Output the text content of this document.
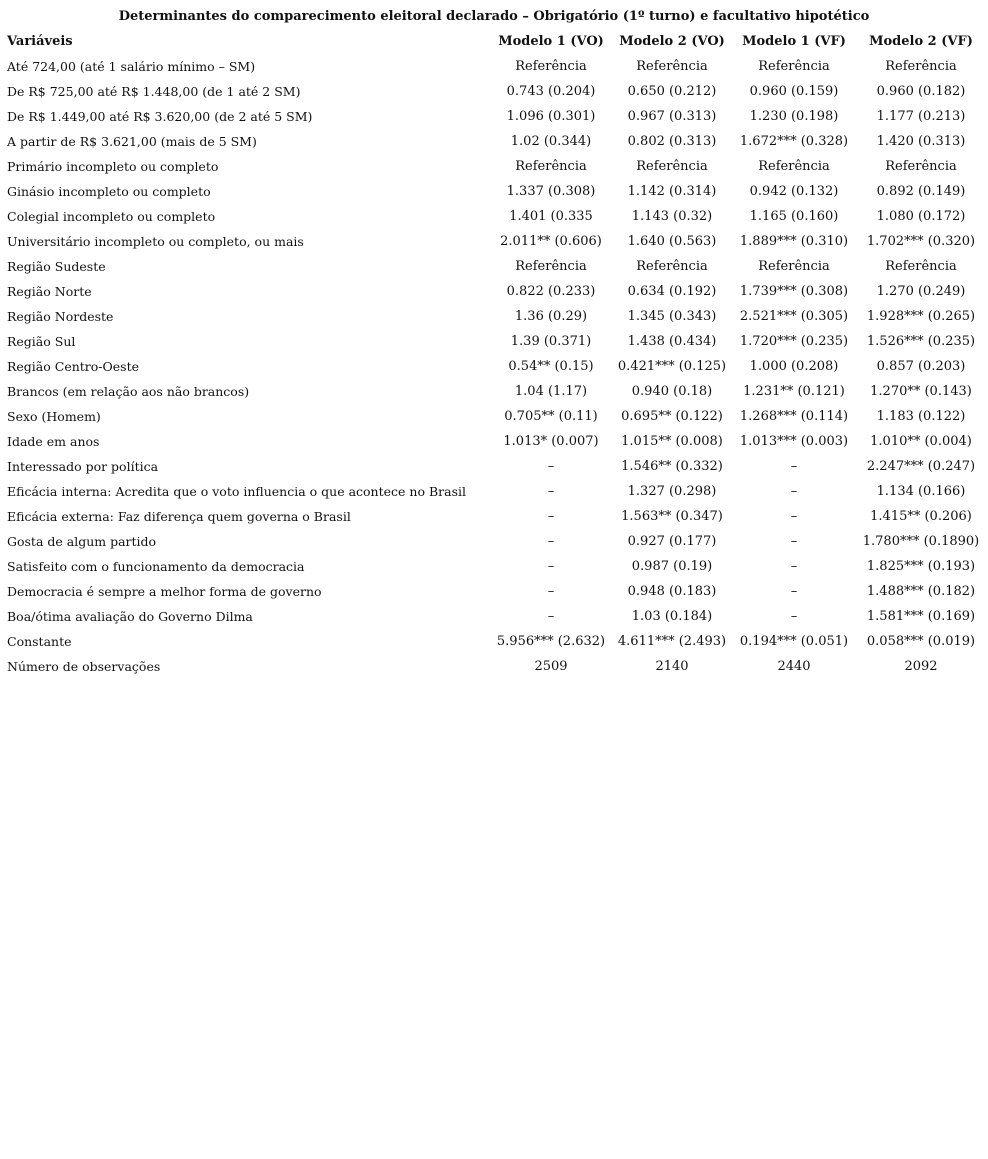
Determinantes do comparecimento eleitoral declarado – Obrigatório (1º turno) e facultativo hipotético
Variáveis	Modelo 1 (VO)	Modelo 2 (VO)	Modelo 1 (VF)	Modelo 2 (VF)
Até 724,00 (até 1 salário mínimo – SM)	Referência	Referência	Referência	Referência
De R$ 725,00 até R$ 1.448,00 (de 1 até 2 SM)	0.743 (0.204)	0.650 (0.212)	0.960 (0.159)	0.960 (0.182)
De R$ 1.449,00 até R$ 3.620,00 (de 2 até 5 SM)	1.096 (0.301)	0.967 (0.313)	1.230 (0.198)	1.177 (0.213)
A partir de R$ 3.621,00 (mais de 5 SM)	1.02 (0.344)	0.802 (0.313)	1.672*** (0.328)	1.420 (0.313)
Primário incompleto ou completo	Referência	Referência	Referência	Referência
Ginásio incompleto ou completo	1.337 (0.308)	1.142 (0.314)	0.942 (0.132)	0.892 (0.149)
Colegial incompleto ou completo	1.401 (0.335	1.143 (0.32)	1.165 (0.160)	1.080 (0.172)
Universitário incompleto ou completo, ou mais	2.011** (0.606)	1.640 (0.563)	1.889*** (0.310)	1.702*** (0.320)
Região Sudeste	Referência	Referência	Referência	Referência
Região Norte	0.822 (0.233)	0.634 (0.192)	1.739*** (0.308)	1.270 (0.249)
Região Nordeste	1.36 (0.29)	1.345 (0.343)	2.521*** (0.305)	1.928*** (0.265)
Região Sul	1.39 (0.371)	1.438 (0.434)	1.720*** (0.235)	1.526*** (0.235)
Região Centro-Oeste	0.54** (0.15)	0.421*** (0.125)	1.000 (0.208)	0.857 (0.203)
Brancos (em relação aos não brancos)	1.04 (1.17)	0.940 (0.18)	1.231** (0.121)	1.270** (0.143)
Sexo (Homem)	0.705** (0.11)	0.695** (0.122)	1.268*** (0.114)	1.183 (0.122)
Idade em anos	1.013* (0.007)	1.015** (0.008)	1.013*** (0.003)	1.010** (0.004)
Interessado por política	–	1.546** (0.332)	–	2.247*** (0.247)
Eficácia interna: Acredita que o voto influencia o que acontece no Brasil	–	1.327 (0.298)	–	1.134 (0.166)
Eficácia externa: Faz diferença quem governa o Brasil	–	1.563** (0.347)	–	1.415** (0.206)
Gosta de algum partido	–	0.927 (0.177)	–	1.780*** (0.1890)
Satisfeito com o funcionamento da democracia	–	0.987 (0.19)	–	1.825*** (0.193)
Democracia é sempre a melhor forma de governo	–	0.948 (0.183)	–	1.488*** (0.182)
Boa/ótima avaliação do Governo Dilma	–	1.03 (0.184)	–	1.581*** (0.169)
Constante	5.956*** (2.632)	4.611*** (2.493)	0.194*** (0.051)	0.058*** (0.019)
Número de observações	2509	2140	2440	2092
